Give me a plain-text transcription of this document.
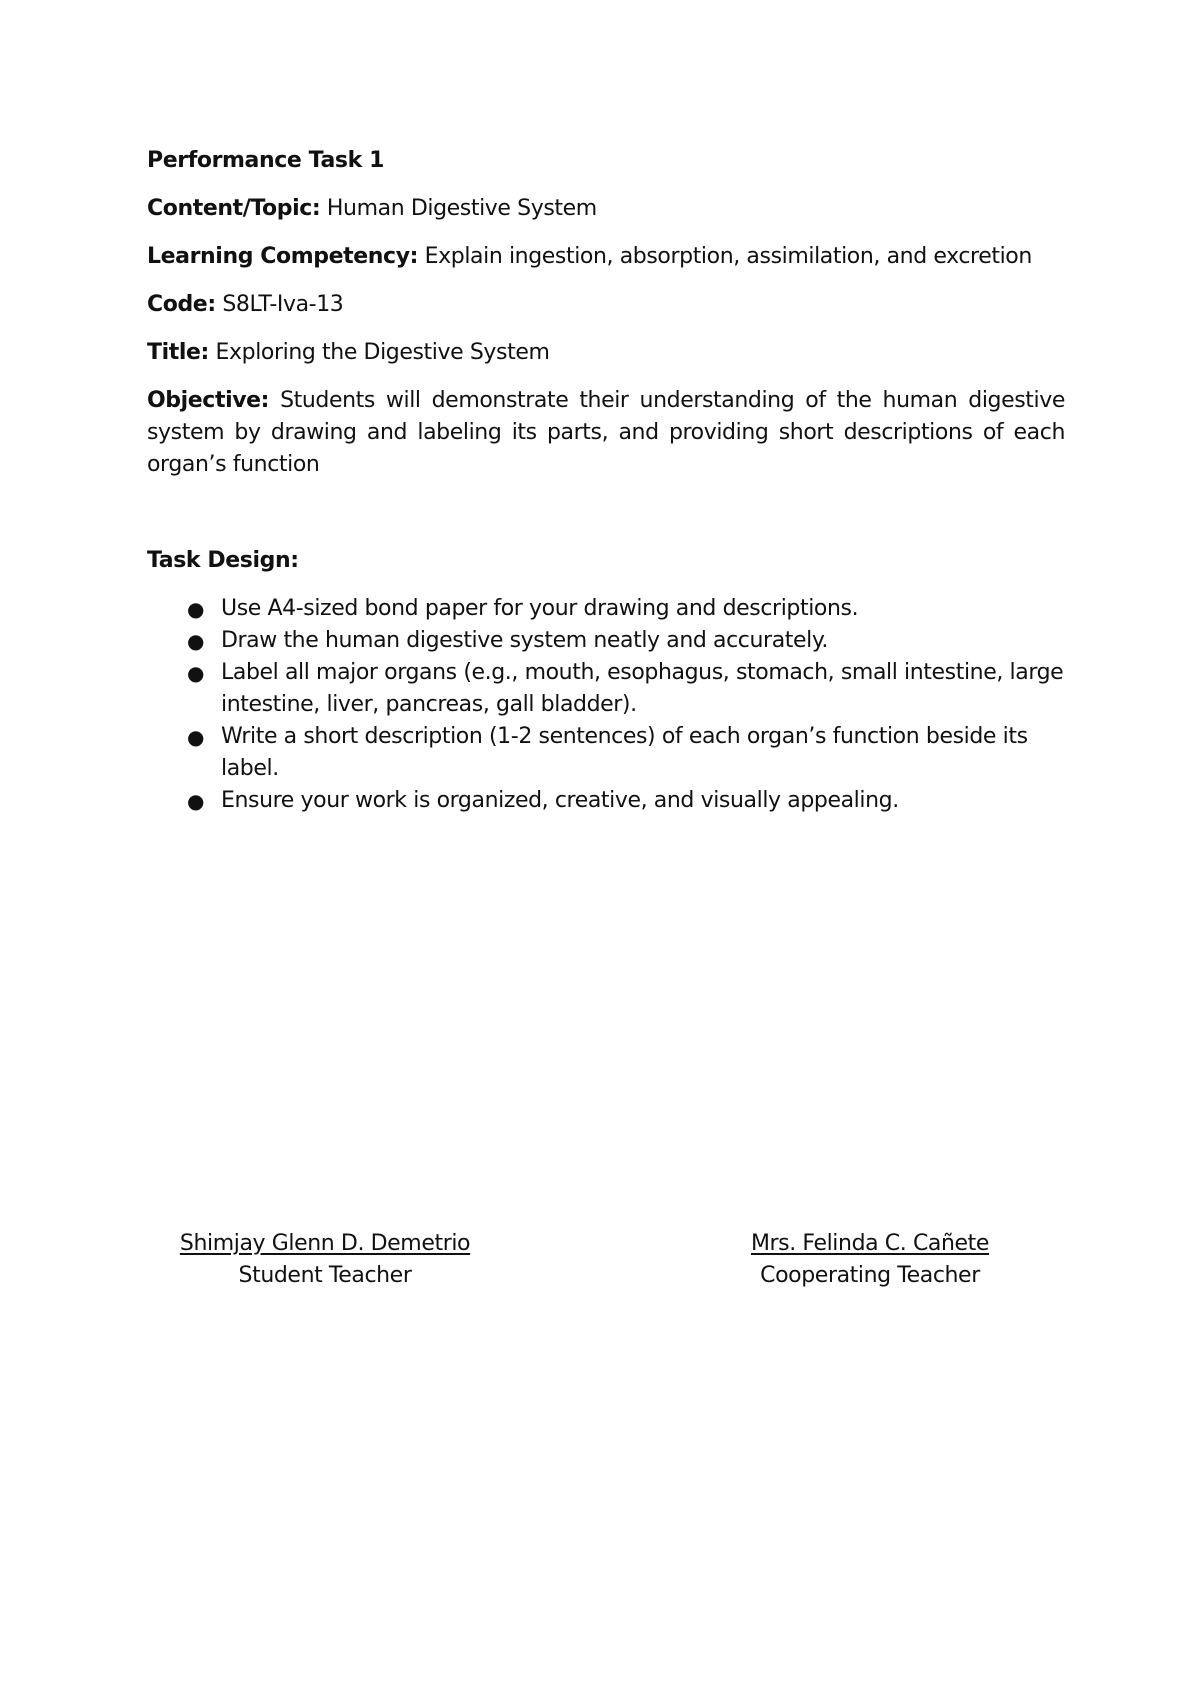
Performance Task 1

Content/Topic: Human Digestive System

Learning Competency: Explain ingestion, absorption, assimilation, and excretion

Code: S8LT-Iva-13

Title: Exploring the Digestive System

Objective: Students will demonstrate their understanding of the human digestive system by drawing and labeling its parts, and providing short descriptions of each organ’s function

Task Design:

● Use A4-sized bond paper for your drawing and descriptions.
● Draw the human digestive system neatly and accurately.
● Label all major organs (e.g., mouth, esophagus, stomach, small intestine, large intestine, liver, pancreas, gall bladder).
● Write a short description (1-2 sentences) of each organ’s function beside its label.
● Ensure your work is organized, creative, and visually appealing.
Shimjay Glenn D. Demetrio
Student Teacher
Mrs. Felinda C. Cañete
Cooperating Teacher
